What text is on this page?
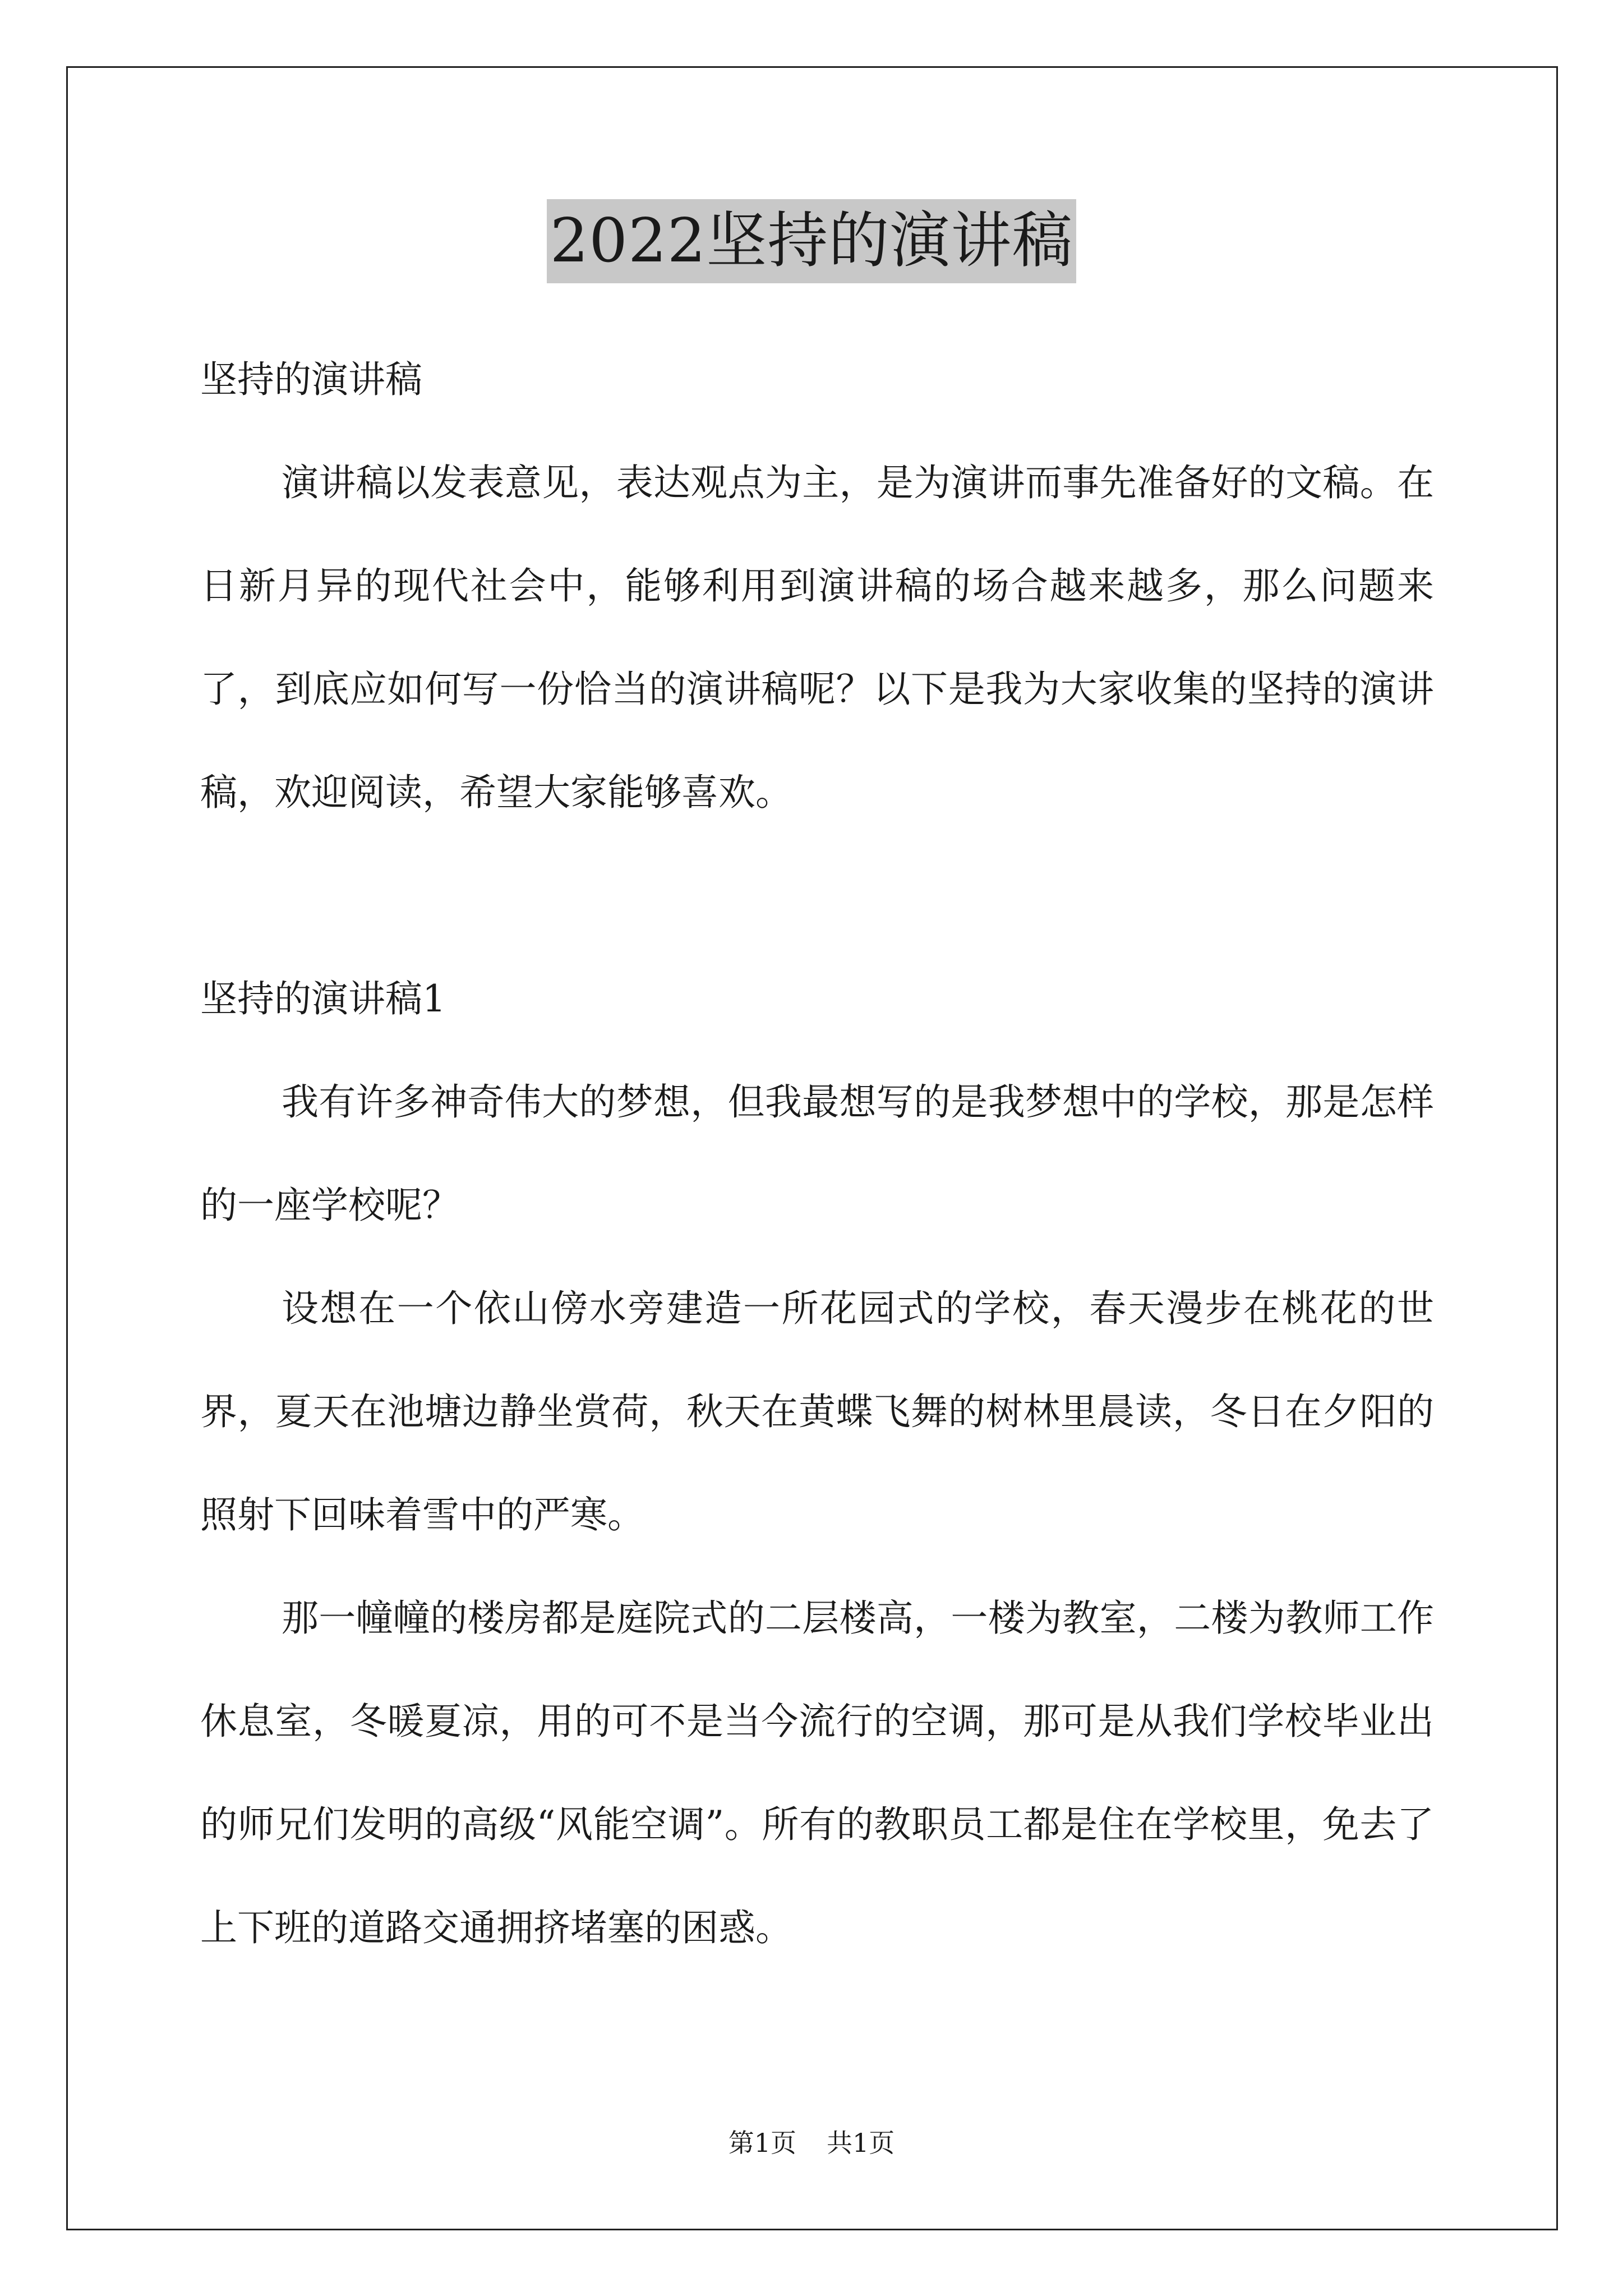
2022坚持的演讲稿

坚持的演讲稿

演讲稿以发表意见，表达观点为主，是为演讲而事先准备好的文稿。在日新月异的现代社会中，能够利用到演讲稿的场合越来越多，那么问题来了，到底应如何写一份恰当的演讲稿呢？以下是我为大家收集的坚持的演讲稿，欢迎阅读，希望大家能够喜欢。

坚持的演讲稿1

我有许多神奇伟大的梦想，但我最想写的是我梦想中的学校，那是怎样的一座学校呢？

设想在一个依山傍水旁建造一所花园式的学校，春天漫步在桃花的世界，夏天在池塘边静坐赏荷，秋天在黄蝶飞舞的树林里晨读，冬日在夕阳的照射下回味着雪中的严寒。

那一幢幢的楼房都是庭院式的二层楼高，一楼为教室，二楼为教师工作休息室，冬暖夏凉，用的可不是当今流行的空调，那可是从我们学校毕业出的师兄们发明的高级“风能空调”。所有的教职员工都是住在学校里，免去了上下班的道路交通拥挤堵塞的困惑。

第1页 共1页
